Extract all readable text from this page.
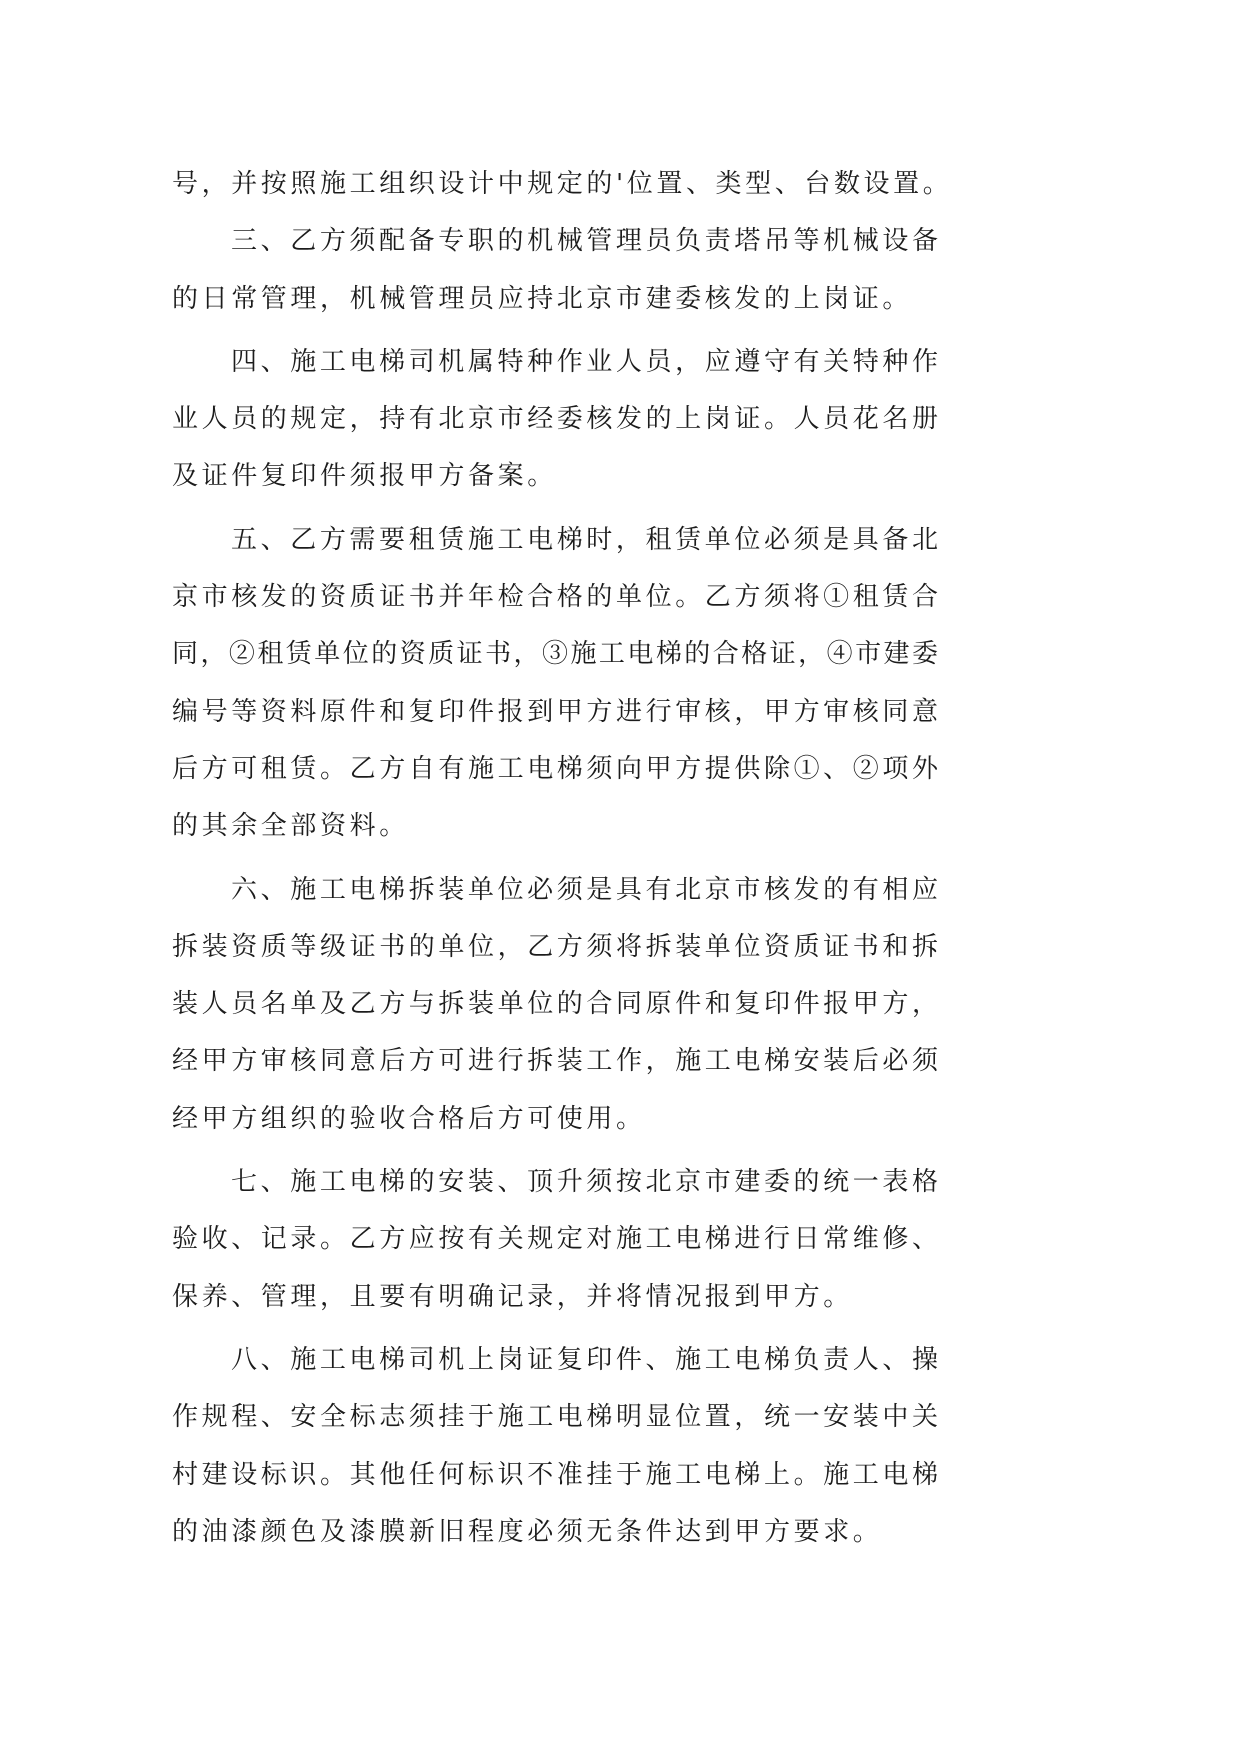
号，并按照施工组织设计中规定的'位置、类型、台数设置。
三、乙方须配备专职的机械管理员负责塔吊等机械设备
的日常管理，机械管理员应持北京市建委核发的上岗证。
四、施工电梯司机属特种作业人员，应遵守有关特种作
业人员的规定，持有北京市经委核发的上岗证。人员花名册
及证件复印件须报甲方备案。
五、乙方需要租赁施工电梯时，租赁单位必须是具备北
京市核发的资质证书并年检合格的单位。乙方须将①租赁合
同，②租赁单位的资质证书，③施工电梯的合格证，④市建委
编号等资料原件和复印件报到甲方进行审核，甲方审核同意
后方可租赁。乙方自有施工电梯须向甲方提供除①、②项外
的其余全部资料。
六、施工电梯拆装单位必须是具有北京市核发的有相应
拆装资质等级证书的单位，乙方须将拆装单位资质证书和拆
装人员名单及乙方与拆装单位的合同原件和复印件报甲方，
经甲方审核同意后方可进行拆装工作，施工电梯安装后必须
经甲方组织的验收合格后方可使用。
七、施工电梯的安装、顶升须按北京市建委的统一表格
验收、记录。乙方应按有关规定对施工电梯进行日常维修、
保养、管理，且要有明确记录，并将情况报到甲方。
八、施工电梯司机上岗证复印件、施工电梯负责人、操
作规程、安全标志须挂于施工电梯明显位置，统一安装中关
村建设标识。其他任何标识不准挂于施工电梯上。施工电梯
的油漆颜色及漆膜新旧程度必须无条件达到甲方要求。
